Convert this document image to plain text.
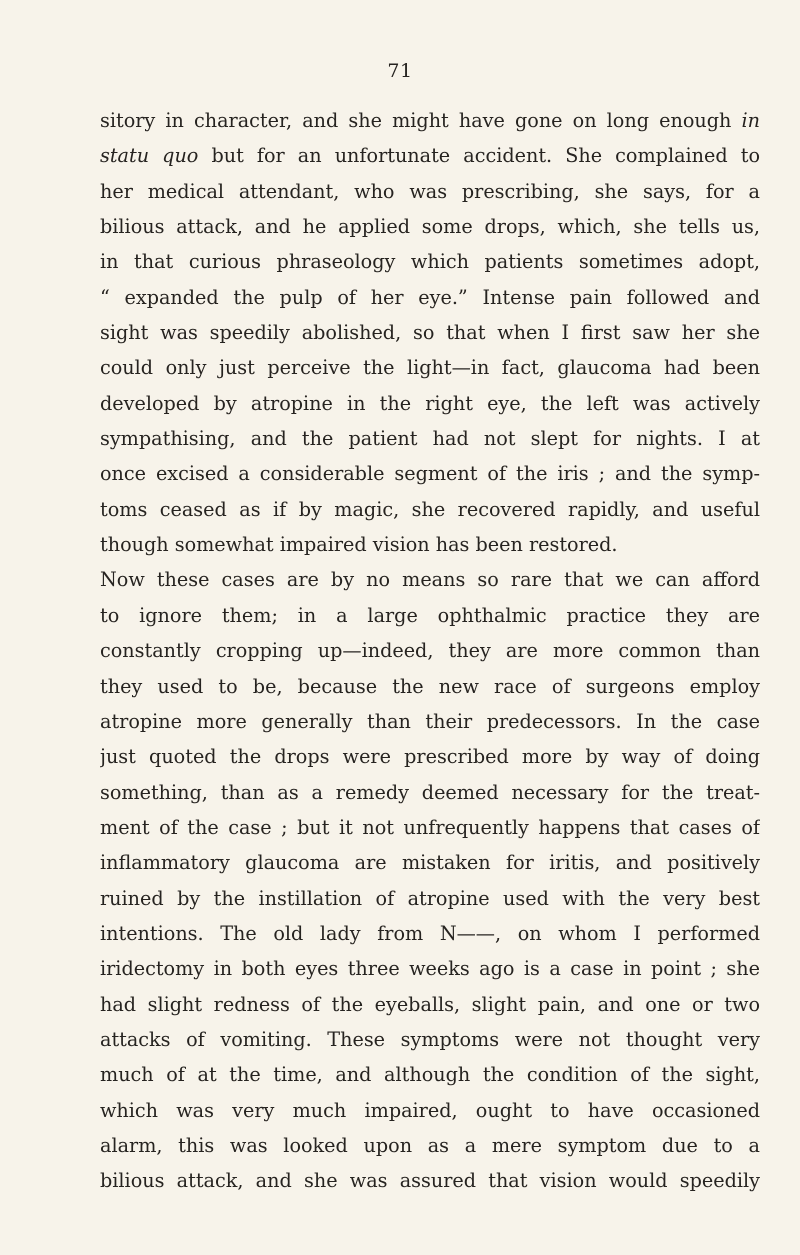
71
sitory in character, and she might have gone on long enough in
statu quo but for an unfortunate accident. She complained to
her medical attendant, who was prescribing, she says, for a
bilious attack, and he applied some drops, which, she tells us,
in that curious phraseology which patients sometimes adopt,
“ expanded the pulp of her eye.” Intense pain followed and
sight was speedily abolished, so that when I first saw her she
could only just perceive the light—in fact, glaucoma had been
developed by atropine in the right eye, the left was actively
sympathising, and the patient had not slept for nights. I at
once excised a considerable segment of the iris ; and the symp-
toms ceased as if by magic, she recovered rapidly, and useful
though somewhat impaired vision has been restored.
Now these cases are by no means so rare that we can afford
to ignore them; in a large ophthalmic practice they are
constantly cropping up—indeed, they are more common than
they used to be, because the new race of surgeons employ
atropine more generally than their predecessors. In the case
just quoted the drops were prescribed more by way of doing
something, than as a remedy deemed necessary for the treat-
ment of the case ; but it not unfrequently happens that cases of
inflammatory glaucoma are mistaken for iritis, and positively
ruined by the instillation of atropine used with the very best
intentions. The old lady from N——, on whom I performed
iridectomy in both eyes three weeks ago is a case in point ; she
had slight redness of the eyeballs, slight pain, and one or two
attacks of vomiting. These symptoms were not thought very
much of at the time, and although the condition of the sight,
which was very much impaired, ought to have occasioned
alarm, this was looked upon as a mere symptom due to a
bilious attack, and she was assured that vision would speedily
